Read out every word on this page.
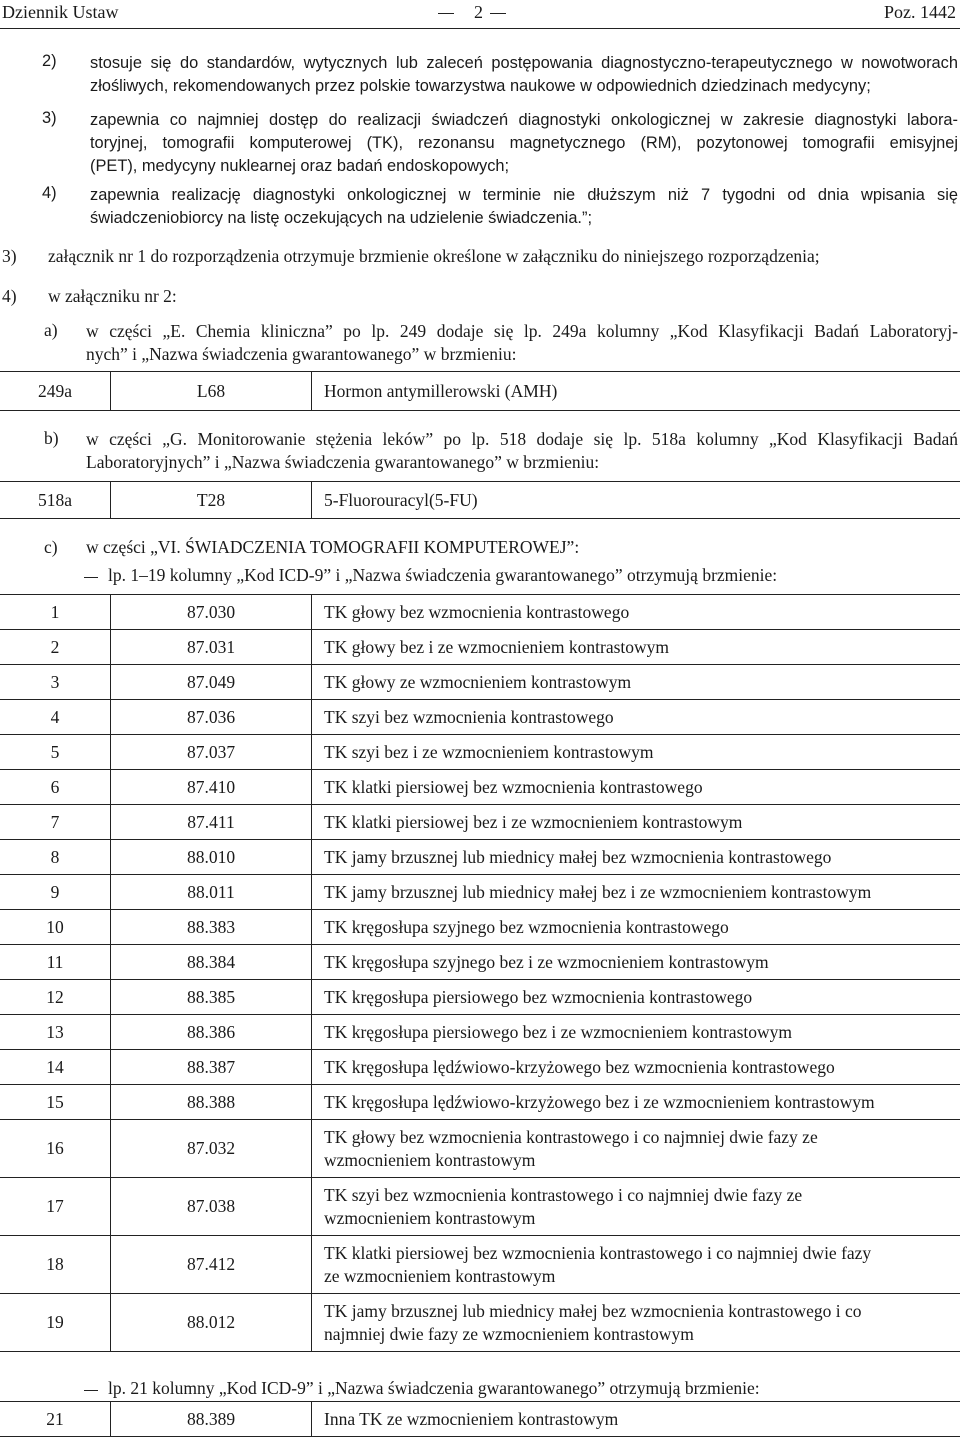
Dziennik Ustaw	2	Poz. 1442
2) stosuje się do standardów, wytycznych lub zaleceń postępowania diagnostyczno-terapeutycznego w nowotworach
złośliwych, rekomendowanych przez polskie towarzystwa naukowe w odpowiednich dziedzinach medycyny;
3) zapewnia co najmniej dostęp do realizacji świadczeń diagnostyki onkologicznej w zakresie diagnostyki labora-
toryjnej, tomografii komputerowej (TK), rezonansu magnetycznego (RM), pozytonowej tomografii emisyjnej
(PET), medycyny nuklearnej oraz badań endoskopowych;
4) zapewnia realizację diagnostyki onkologicznej w terminie nie dłuższym niż 7 tygodni od dnia wpisania się
świadczeniobiorcy na listę oczekujących na udzielenie świadczenia.”;
3) załącznik nr 1 do rozporządzenia otrzymuje brzmienie określone w załączniku do niniejszego rozporządzenia;
4) w załączniku nr 2:
a) w części „E. Chemia kliniczna” po lp. 249 dodaje się lp. 249a kolumny „Kod Klasyfikacji Badań Laboratoryj-
nych” i „Nazwa świadczenia gwarantowanego” w brzmieniu:
249a	L68	Hormon antymillerowski (AMH)
b) w części „G. Monitorowanie stężenia leków” po lp. 518 dodaje się lp. 518a kolumny „Kod Klasyfikacji Badań
Laboratoryjnych” i „Nazwa świadczenia gwarantowanego” w brzmieniu:
518a	T28	5-Fluorouracyl(5-FU)
c) w części „VI. ŚWIADCZENIA TOMOGRAFII KOMPUTEROWEJ”:
lp. 1–19 kolumny „Kod ICD-9” i „Nazwa świadczenia gwarantowanego” otrzymują brzmienie:
1	87.030	TK głowy bez wzmocnienia kontrastowego

2	87.031	TK głowy bez i ze wzmocnieniem kontrastowym

3	87.049	TK głowy ze wzmocnieniem kontrastowym

4	87.036	TK szyi bez wzmocnienia kontrastowego

5	87.037	TK szyi bez i ze wzmocnieniem kontrastowym

6	87.410	TK klatki piersiowej bez wzmocnienia kontrastowego

7	87.411	TK klatki piersiowej bez i ze wzmocnieniem kontrastowym

8	88.010	TK jamy brzusznej lub miednicy małej bez wzmocnienia kontrastowego

9	88.011	TK jamy brzusznej lub miednicy małej bez i ze wzmocnieniem kontrastowym

10	88.383	TK kręgosłupa szyjnego bez wzmocnienia kontrastowego

11	88.384	TK kręgosłupa szyjnego bez i ze wzmocnieniem kontrastowym

12	88.385	TK kręgosłupa piersiowego bez wzmocnienia kontrastowego

13	88.386	TK kręgosłupa piersiowego bez i ze wzmocnieniem kontrastowym

14	88.387	TK kręgosłupa lędźwiowo-krzyżowego bez wzmocnienia kontrastowego

15	88.388	TK kręgosłupa lędźwiowo-krzyżowego bez i ze wzmocnieniem kontrastowym

16	87.032	TK głowy bez wzmocnienia kontrastowego i co najmniej dwie fazy ze
wzmocnieniem kontrastowym

17	87.038	TK szyi bez wzmocnienia kontrastowego i co najmniej dwie fazy ze
wzmocnieniem kontrastowym

18	87.412	TK klatki piersiowej bez wzmocnienia kontrastowego i co najmniej dwie fazy
ze wzmocnieniem kontrastowym

19	88.012	TK jamy brzusznej lub miednicy małej bez wzmocnienia kontrastowego i co
najmniej dwie fazy ze wzmocnieniem kontrastowym
lp. 21 kolumny „Kod ICD-9” i „Nazwa świadczenia gwarantowanego” otrzymują brzmienie:
21	88.389	Inna TK ze wzmocnieniem kontrastowym
